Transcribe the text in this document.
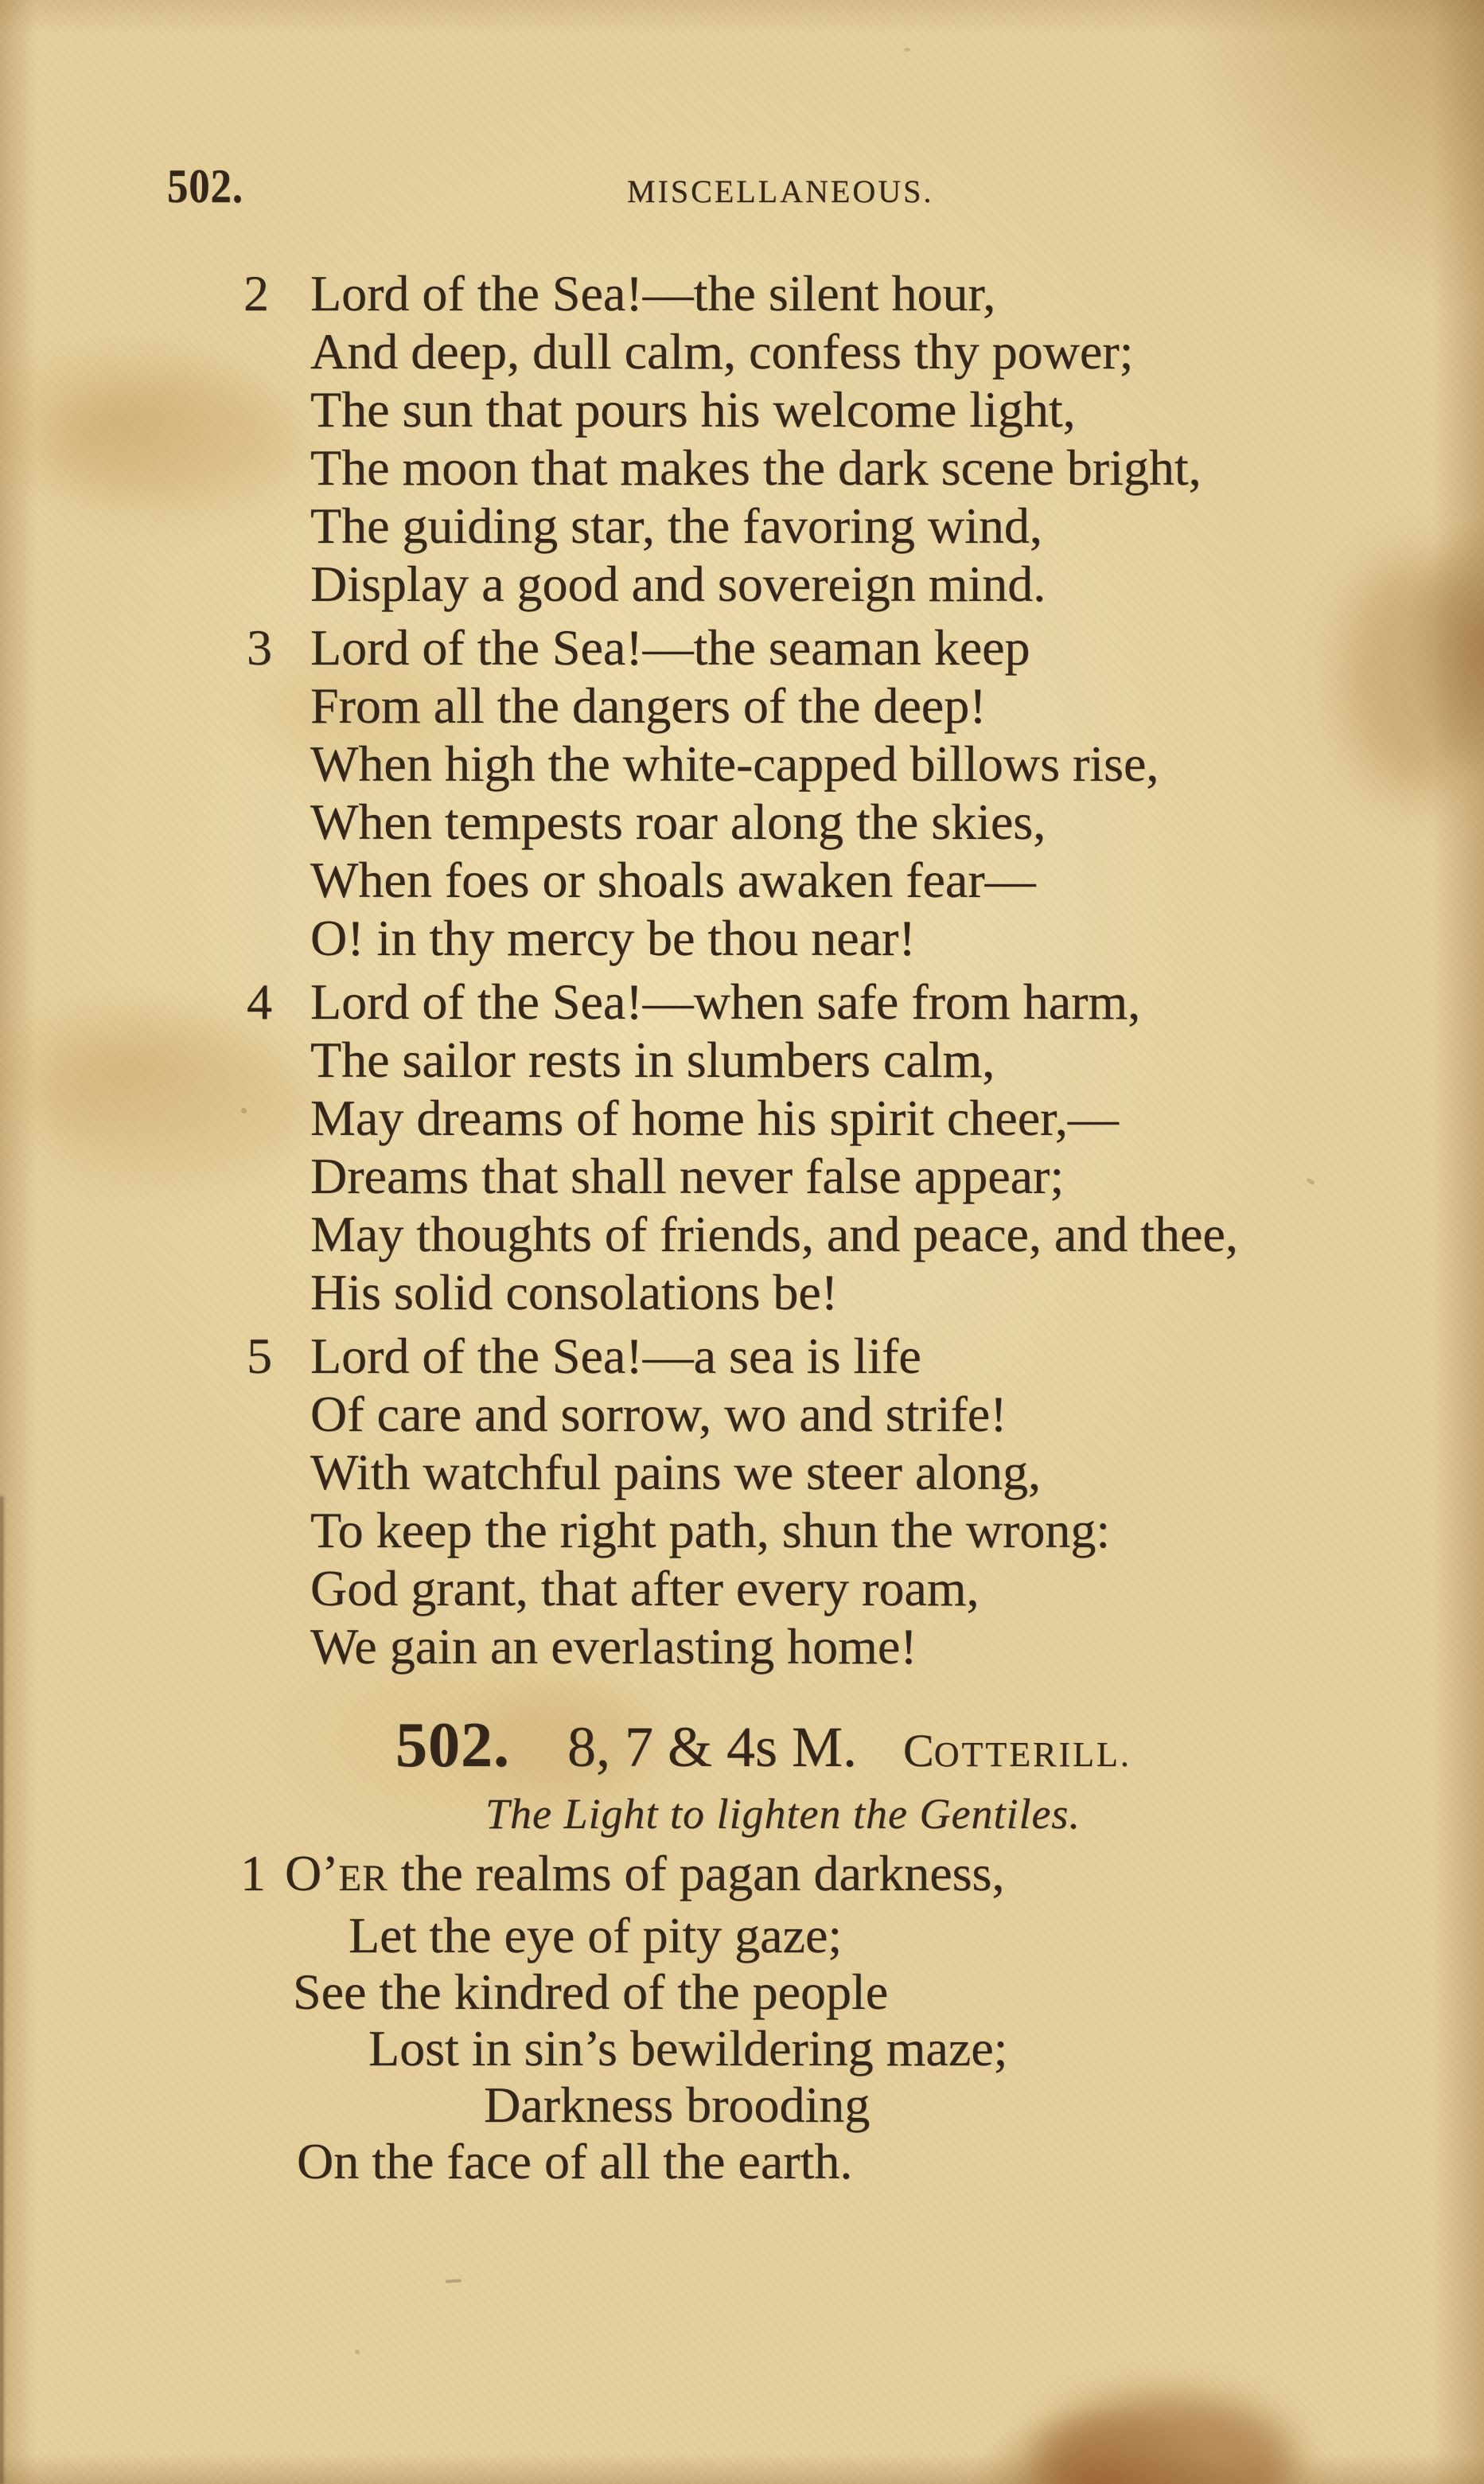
502.	MISCELLANEOUS.
2 Lord of the Sea!—the silent hour,
And deep, dull calm, confess thy power;
The sun that pours his welcome light,
The moon that makes the dark scene bright,
The guiding star, the favoring wind,
Display a good and sovereign mind.
3 Lord of the Sea!—the seaman keep
From all the dangers of the deep!
When high the white-capped billows rise,
When tempests roar along the skies,
When foes or shoals awaken fear—
O! in thy mercy be thou near!
4 Lord of the Sea!—when safe from harm,
The sailor rests in slumbers calm,
May dreams of home his spirit cheer,—
Dreams that shall never false appear;
May thoughts of friends, and peace, and thee,
His solid consolations be!
5 Lord of the Sea!—a sea is life
Of care and sorrow, wo and strife!
With watchful pains we steer along,
To keep the right path, shun the wrong:
God grant, that after every roam,
We gain an everlasting home!
502. 8, 7 & 4s M. COTTERILL.
The Light to lighten the Gentiles.
1 O’ER the realms of pagan darkness,
Let the eye of pity gaze;
See the kindred of the people
Lost in sin’s bewildering maze;
Darkness brooding
On the face of all the earth.
